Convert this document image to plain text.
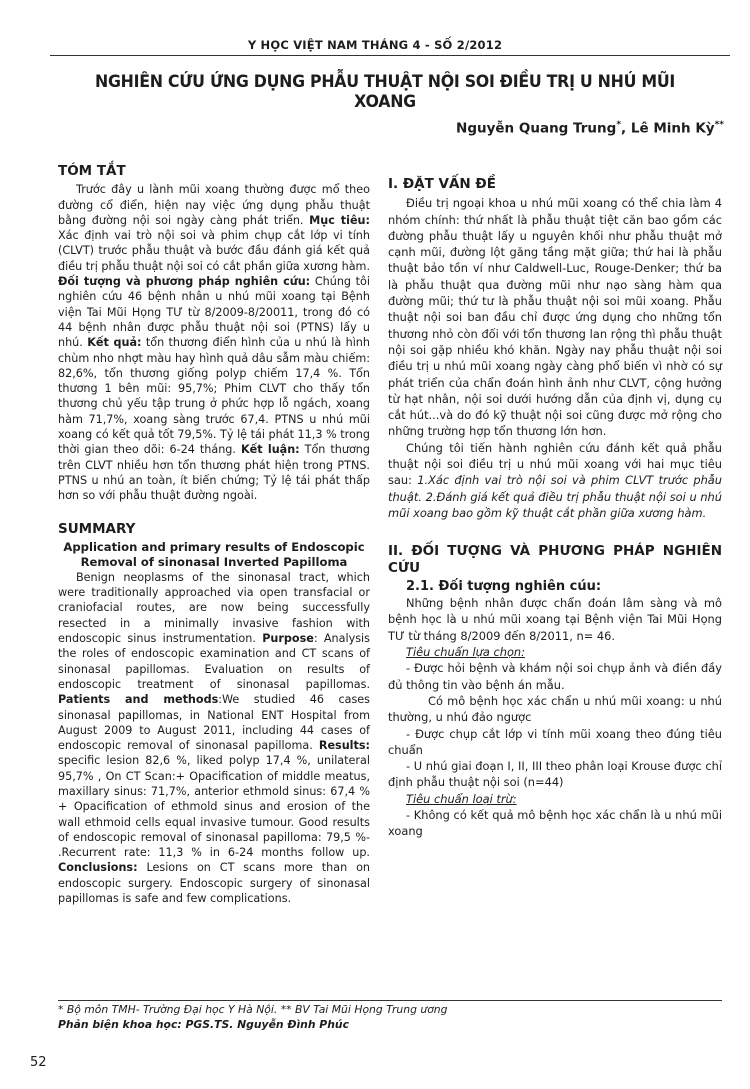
Y HỌC VIỆT NAM THÁNG 4 - SỐ 2/2012
NGHIÊN CỨU ỨNG DỤNG PHẪU THUẬT NỘI SOI ĐIỀU TRỊ U NHÚ MŨI XOANG
Nguyễn Quang Trung*, Lê Minh Kỳ**
TÓM TẮT

Trước đây u lành mũi xoang thường được mổ theo đường cổ điển, hiện nay việc ứng dụng phẫu thuật bằng đường nội soi ngày càng phát triển. Mục tiêu: Xác định vai trò nội soi và phim chụp cắt lớp vi tính (CLVT) trước phẫu thuật và bước đầu đánh giá kết quả điều trị phẫu thuật nội soi có cắt phần giữa xương hàm. Đối tượng và phương pháp nghiên cứu: Chúng tôi nghiên cứu 46 bệnh nhân u nhú mũi xoang tại Bệnh viện Tai Mũi Họng TƯ từ 8/2009-8/20011, trong đó có 44 bệnh nhân được phẫu thuật nội soi (PTNS) lấy u nhú. Kết quả: tổn thương điển hình của u nhú là hình chùm nho nhợt màu hay hình quả dâu sẫm màu chiếm: 82,6%, tổn thương giống polyp chiếm 17,4 %. Tổn thương 1 bên mũi: 95,7%; Phim CLVT cho thấy tổn thương chủ yếu tập trung ở phức hợp lỗ ngách, xoang hàm 71,7%, xoang sàng trước 67,4. PTNS u nhú mũi xoang có kết quả tốt 79,5%. Tỷ lệ tái phát 11,3 % trong thời gian theo dõi: 6-24 tháng. Kết luận: Tổn thương trên CLVT nhiều hơn tổn thương phát hiện trong PTNS. PTNS u nhú an toàn, ít biến chứng; Tỷ lệ tái phát thấp hơn so với phẫu thuật đường ngoài.

SUMMARY

Application and primary results of Endoscopic Removal of sinonasal Inverted Papilloma

Benign neoplasms of the sinonasal tract, which were traditionally approached via open transfacial or craniofacial routes, are now being successfully resected in a minimally invasive fashion with endoscopic sinus instrumentation. Purpose: Analysis the roles of endoscopic examination and CT scans of sinonasal papillomas. Evaluation on results of endoscopic treatment of sinonasal papillomas. Patients and methods:We studied 46 cases sinonasal papillomas, in National ENT Hospital from August 2009 to August 2011, including 44 cases of endoscopic removal of sinonasal papilloma. Results: specific lesion 82,6 %, liked polyp 17,4 %, unilateral 95,7% , On CT Scan:+ Opacification of middle meatus, maxillary sinus: 71,7%, anterior ethmold sinus: 67,4 % + Opacification of ethmold sinus and erosion of the wall ethmoid cells equal invasive tumour. Good results of endoscopic removal of sinonasal papilloma: 79,5 %- .Recurrent rate: 11,3 % in 6-24 months follow up. Conclusions: Lesions on CT scans more than on endoscopic surgery. Endoscopic surgery of sinonasal papillomas is safe and few complications.

I. ĐẶT VẤN ĐỀ

Điều trị ngoại khoa u nhú mũi xoang có thể chia làm 4 nhóm chính: thứ nhất là phẫu thuật tiệt căn bao gồm các đường phẫu thuật lấy u nguyên khối như phẫu thuật mở cạnh mũi, đường lột găng tầng mặt giữa; thứ hai là phẫu thuật bảo tồn ví như Caldwell-Luc, Rouge-Denker; thứ ba là phẫu thuật qua đường mũi như nạo sàng hàm qua đường mũi; thứ tư là phẫu thuật nội soi mũi xoang. Phẫu thuật nội soi ban đầu chỉ được ứng dụng cho những tổn thương nhỏ còn đối với tổn thương lan rộng thì phẫu thuật nội soi gặp nhiều khó khăn. Ngày nay phẫu thuật nội soi điều trị u nhú mũi xoang ngày càng phổ biến vì nhờ có sự phát triển của chẩn đoán hình ảnh như CLVT, cộng hưởng từ hạt nhân, nội soi dưới hướng dẫn của định vị, dụng cụ cắt hút...và do đó kỹ thuật nội soi cũng được mở rộng cho những trường hợp tổn thương lớn hơn.

Chúng tôi tiến hành nghiên cứu đánh kết quả phẫu thuật nội soi điều trị u nhú mũi xoang với hai mục tiêu sau: 1.Xác định vai trò nội soi và phim CLVT trước phẫu thuật. 2.Đánh giá kết quả điều trị phẫu thuật nội soi u nhú mũi xoang bao gồm kỹ thuật cắt phần giữa xương hàm.

II. ĐỐI TƯỢNG VÀ PHƯƠNG PHÁP NGHIÊN CỨU

2.1. Đối tượng nghiên cúu:

Những bệnh nhân được chẩn đoán lâm sàng và mô bệnh học là u nhú mũi xoang tại Bệnh viện Tai Mũi Họng TƯ từ tháng 8/2009 đến 8/2011, n= 46.

Tiêu chuẩn lựa chọn:

- Được hỏi bệnh và khám nội soi chụp ảnh và điền đầy đủ thông tin vào bệnh án mẫu.

Có mô bệnh học xác chẩn u nhú mũi xoang: u nhú thường, u nhú đảo ngược

- Được chụp cắt lớp vi tính mũi xoang theo đúng tiêu chuẩn

- U nhú giai đoạn I, II, III theo phân loại Krouse được chỉ định phẫu thuật nội soi (n=44)

Tiêu chuẩn loại trừ:

- Không có kết quả mô bệnh học xác chẩn là u nhú mũi xoang

* Bộ môn TMH- Trường Đại học Y Hà Nội. ** BV Tai Mũi Họng Trung ương
Phản biện khoa học: PGS.TS. Nguyễn Đình Phúc
52
